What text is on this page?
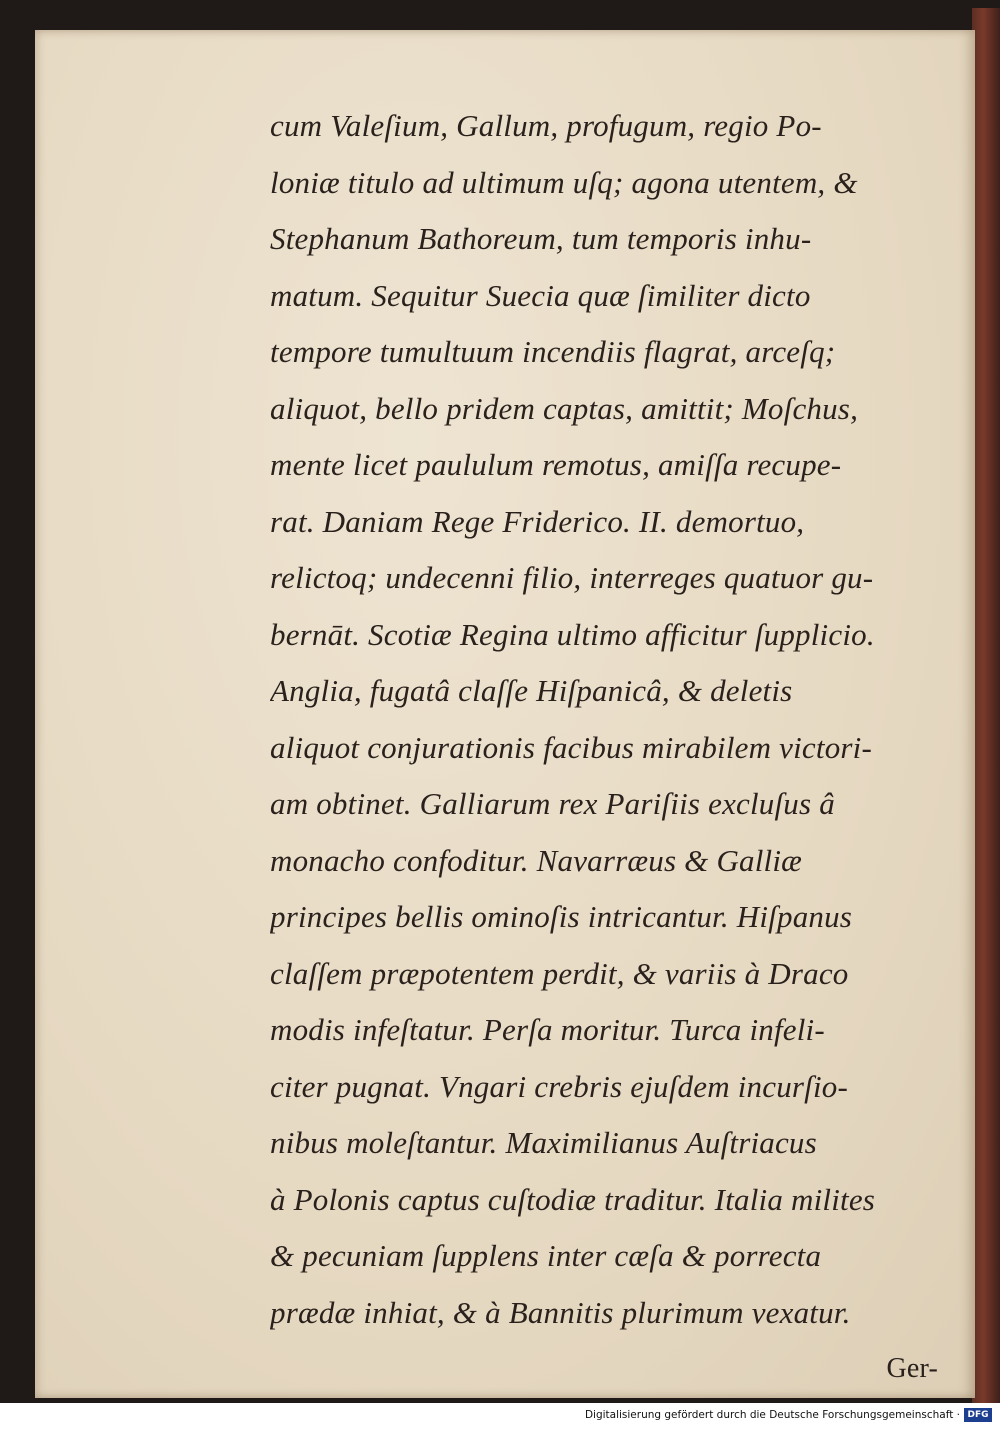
cum Valeſium, Gallum, profugum, regio Po-
loniæ titulo ad ultimum uſq; agona utentem, &
Stephanum Bathoreum, tum temporis inhu-
matum. Sequitur Suecia quæ ſimiliter dicto
tempore tumultuum incendiis flagrat, arceſq;
aliquot, bello pridem captas, amittit; Moſchus,
mente licet paululum remotus, amiſſa recupe-
rat. Daniam Rege Friderico. II. demortuo,
relictoq; undecenni filio, interreges quatuor gu-
bernāt. Scotiæ Regina ultimo afficitur ſupplicio.
Anglia, fugatâ claſſe Hiſpanicâ, & deletis
aliquot conjurationis facibus mirabilem victori-
am obtinet. Galliarum rex Pariſiis excluſus â
monacho confoditur. Navarræus & Galliæ
principes bellis ominoſis intricantur. Hiſpanus
claſſem præpotentem perdit, & variis à Draco
modis infeſtatur. Perſa moritur. Turca infeli-
citer pugnat. Vngari crebris ejuſdem incurſio-
nibus moleſtantur. Maximilianus Auſtriacus
à Polonis captus cuſtodiæ traditur. Italia milites
& pecuniam ſupplens inter cæſa & porrecta
prædæ inhiat, & à Bannitis plurimum vexatur.
Ger-
Digitalisierung gefördert durch die Deutsche Forschungsgemeinschaft · DFG
